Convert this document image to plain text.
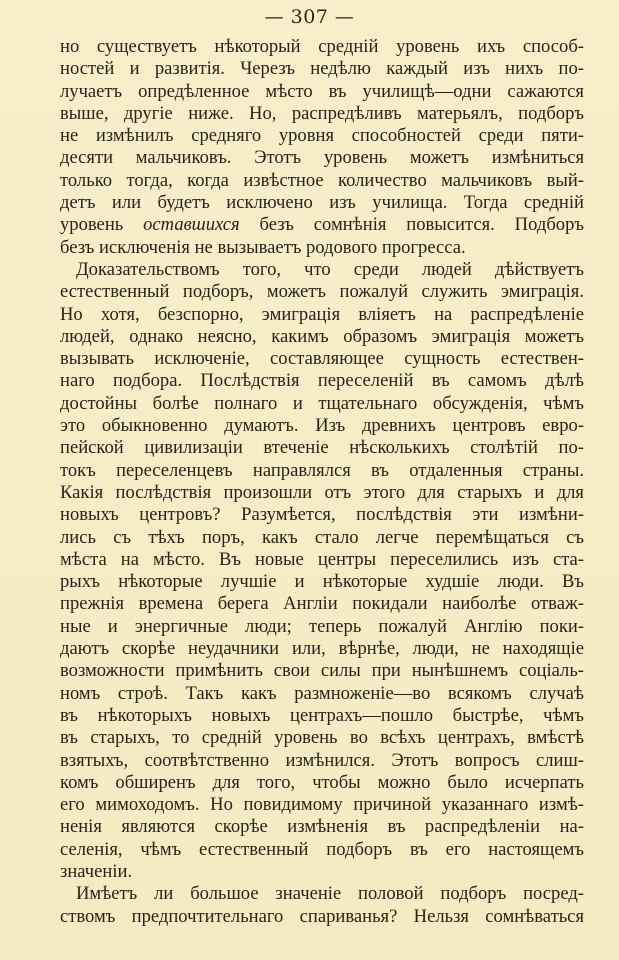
— 307 —
но существуетъ нѣкоторый среднiй уровень ихъ способ-
ностей и развитiя. Черезъ недѣлю каждый изъ нихъ по-
лучаетъ опредѣленное мѣсто въ училищѣ—одни сажаются
выше, другiе ниже. Но, распредѣливъ матерьялъ, подборъ
не измѣнилъ средняго уровня способностей среди пяти-
десяти мальчиковъ. Этотъ уровень можетъ измѣниться
только тогда, когда извѣстное количество мальчиковъ вый-
детъ или будетъ исключено изъ училища. Тогда среднiй
уровень оставшихся безъ сомнѣнiя повысится. Подборъ
безъ исключенiя не вызываетъ родового прогресса.
Доказательствомъ того, что среди людей дѣйствуетъ
естественный подборъ, можетъ пожалуй служить эмиграцiя.
Но хотя, безспорно, эмиграцiя влiяетъ на распредѣленiе
людей, однако неясно, какимъ образомъ эмиграцiя можетъ
вызывать исключенiе, составляющее сущность естествен-
наго подбора. Послѣдствiя переселенiй въ самомъ дѣлѣ
достойны болѣе полнаго и тщательнаго обсужденiя, чѣмъ
это обыкновенно думаютъ. Изъ древнихъ центровъ евро-
пейской цивилизацiи втеченiе нѣсколькихъ столѣтiй по-
токъ переселенцевъ направлялся въ отдаленныя страны.
Какiя послѣдствiя произошли отъ этого для старыхъ и для
новыхъ центровъ? Разумѣется, послѣдствiя эти измѣни-
лись съ тѣхъ поръ, какъ стало легче перемѣщаться съ
мѣста на мѣсто. Въ новые центры переселились изъ ста-
рыхъ нѣкоторые лучшiе и нѣкоторые худшiе люди. Въ
прежнiя времена берега Англiи покидали наиболѣе отваж-
ные и энергичные люди; теперь пожалуй Англiю поки-
даютъ скорѣе неудачники или, вѣрнѣе, люди, не находящiе
возможности примѣнить свои силы при нынѣшнемъ соцiаль-
номъ строѣ. Такъ какъ размноженiе—во всякомъ случаѣ
въ нѣкоторыхъ новыхъ центрахъ—пошло быстрѣе, чѣмъ
въ старыхъ, то среднiй уровень во всѣхъ центрахъ, вмѣстѣ
взятыхъ, соотвѣтственно измѣнился. Этотъ вопросъ слиш-
комъ обширенъ для того, чтобы можно было исчерпать
его мимоходомъ. Но повидимому причиной указаннаго измѣ-
ненiя являются скорѣе измѣненiя въ распредѣленiи на-
селенiя, чѣмъ естественный подборъ въ его настоящемъ
значенiи.
Имѣетъ ли большое значенiе половой подборъ посред-
ствомъ предпочтительнаго спариванья? Нельзя сомнѣваться
